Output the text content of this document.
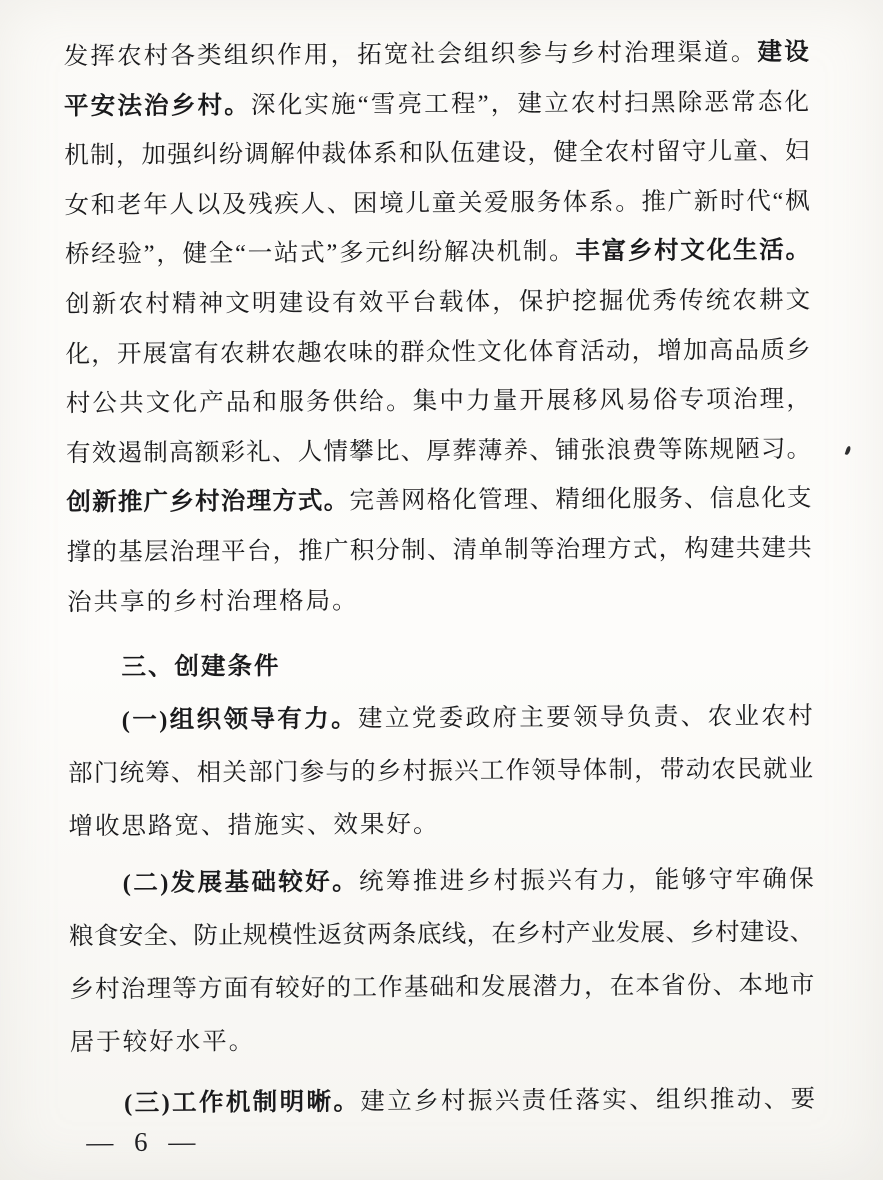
发挥农村各类组织作用，拓宽社会组织参与乡村治理渠道。建设
平安法治乡村。深化实施“雪亮工程”，建立农村扫黑除恶常态化
机制，加强纠纷调解仲裁体系和队伍建设，健全农村留守儿童、妇
女和老年人以及残疾人、困境儿童关爱服务体系。推广新时代“枫
桥经验”，健全“一站式”多元纠纷解决机制。丰富乡村文化生活。
创新农村精神文明建设有效平台载体，保护挖掘优秀传统农耕文
化，开展富有农耕农趣农味的群众性文化体育活动，增加高品质乡
村公共文化产品和服务供给。集中力量开展移风易俗专项治理，
有效遏制高额彩礼、人情攀比、厚葬薄养、铺张浪费等陈规陋习。
创新推广乡村治理方式。完善网格化管理、精细化服务、信息化支
撑的基层治理平台，推广积分制、清单制等治理方式，构建共建共
治共享的乡村治理格局。
三、创建条件
(一)组织领导有力。建立党委政府主要领导负责、农业农村
部门统筹、相关部门参与的乡村振兴工作领导体制，带动农民就业
增收思路宽、措施实、效果好。
(二)发展基础较好。统筹推进乡村振兴有力，能够守牢确保
粮食安全、防止规模性返贫两条底线，在乡村产业发展、乡村建设、
乡村治理等方面有较好的工作基础和发展潜力，在本省份、本地市
居于较好水平。
(三)工作机制明晰。建立乡村振兴责任落实、组织推动、要
— 6 —
